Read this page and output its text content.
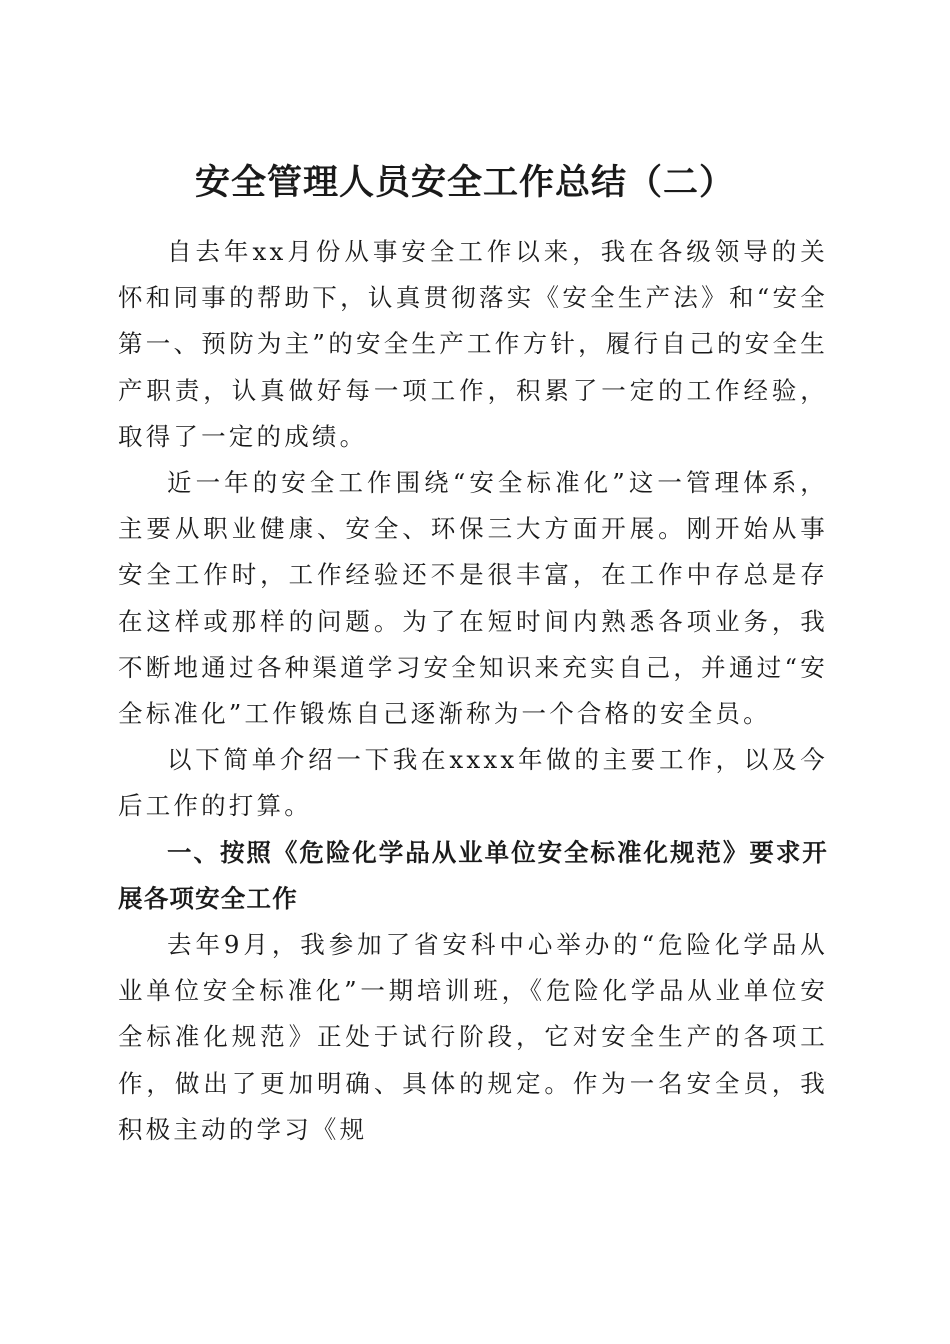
安全管理人员安全工作总结（二）

自去年xx月份从事安全工作以来，我在各级领导的关怀和同事的帮助下，认真贯彻落实《安全生产法》和“安全第一、预防为主”的安全生产工作方针，履行自己的安全生产职责，认真做好每一项工作，积累了一定的工作经验，取得了一定的成绩。

近一年的安全工作围绕“安全标准化”这一管理体系，主要从职业健康、安全、环保三大方面开展。刚开始从事安全工作时，工作经验还不是很丰富，在工作中存总是存在这样或那样的问题。为了在短时间内熟悉各项业务，我不断地通过各种渠道学习安全知识来充实自己，并通过“安全标准化”工作锻炼自己逐渐称为一个合格的安全员。

以下简单介绍一下我在xxxx年做的主要工作，以及今后工作的打算。

一、按照《危险化学品从业单位安全标准化规范》要求开展各项安全工作

去年9月，我参加了省安科中心举办的“危险化学品从业单位安全标准化”一期培训班，《危险化学品从业单位安全标准化规范》正处于试行阶段，它对安全生产的各项工作，做出了更加明确、具体的规定。作为一名安全员，我积极主动的学习《规
